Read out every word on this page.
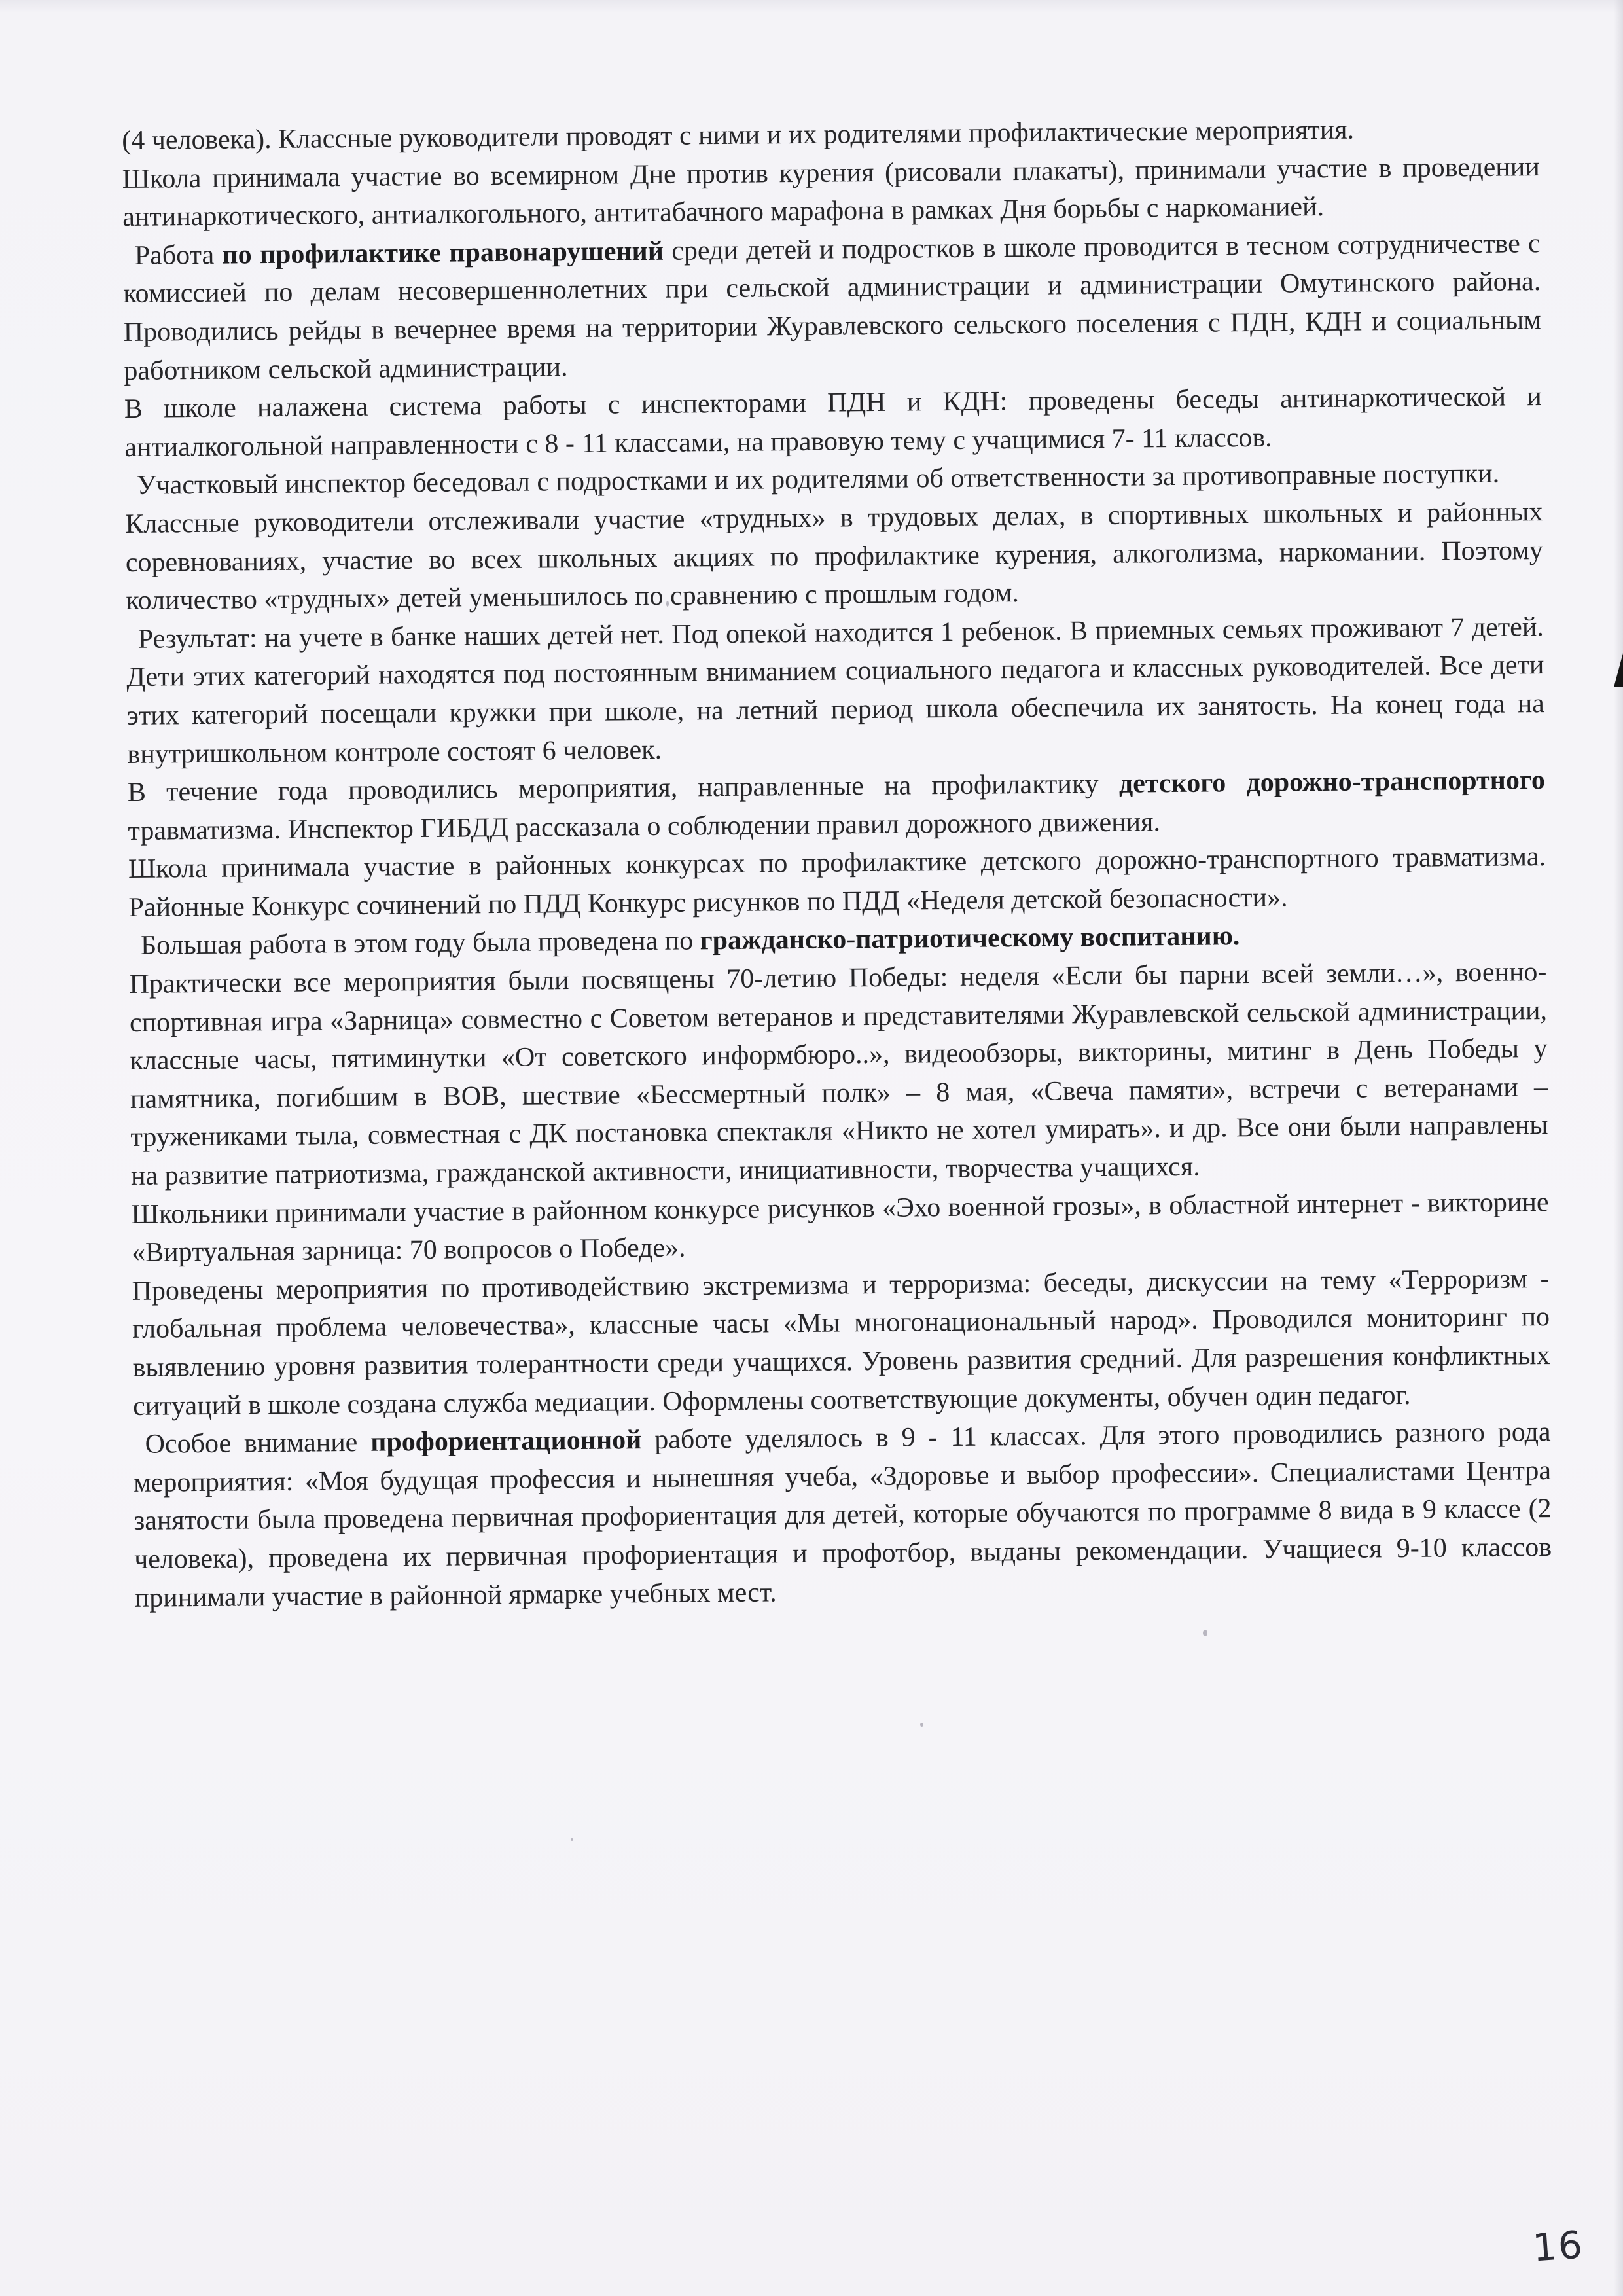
(4 человека). Классные руководители проводят с ними и их родителями профилактические мероприятия.

Школа принимала участие во всемирном Дне против курения (рисовали плакаты), принимали участие в проведении антинаркотического, антиалкогольного, антитабачного марафона в рамках Дня борьбы с наркоманией.

Работа по профилактике правонарушений среди детей и подростков в школе проводится в тесном сотрудничестве с комиссией по делам несовершеннолетних при сельской администрации и администрации Омутинского района. Проводились рейды в вечернее время на территории Журавлевского сельского поселения с ПДН, КДН и социальным работником сельской администрации.

В школе налажена система работы с инспекторами ПДН и КДН: проведены беседы антинаркотической и антиалкогольной направленности с 8 - 11 классами, на правовую тему с учащимися 7- 11 классов.

Участковый инспектор беседовал с подростками и их родителями об ответственности за противоправные поступки.

Классные руководители отслеживали участие «трудных» в трудовых делах, в спортивных школьных и районных соревнованиях, участие во всех школьных акциях по профилактике курения, алкоголизма, наркомании. Поэтому количество «трудных» детей уменьшилось по сравнению с прошлым годом.

Результат: на учете в банке наших детей нет. Под опекой находится 1 ребенок. В приемных семьях проживают 7 детей. Дети этих категорий находятся под постоянным вниманием социального педагога и классных руководителей. Все дети этих категорий посещали кружки при школе, на летний период школа обеспечила их занятость. На конец года на внутришкольном контроле состоят 6 человек.

В течение года проводились мероприятия, направленные на профилактику детского дорожно-транспортного травматизма. Инспектор ГИБДД рассказала о соблюдении правил дорожного движения.

Школа принимала участие в районных конкурсах по профилактике детского дорожно-транспортного травматизма. Районные Конкурс сочинений по ПДД Конкурс рисунков по ПДД «Неделя детской безопасности».

Большая работа в этом году была проведена по гражданско-патриотическому воспитанию.

Практически все мероприятия были посвящены 70-летию Победы: неделя «Если бы парни всей земли…», военно-спортивная игра «Зарница» совместно с Советом ветеранов и представителями Журавлевской сельской администрации, классные часы, пятиминутки «От советского информбюро..», видеообзоры, викторины, митинг в День Победы у памятника, погибшим в ВОВ, шествие «Бессмертный полк» – 8 мая, «Свеча памяти», встречи с ветеранами – тружениками тыла, совместная с ДК постановка спектакля «Никто не хотел умирать». и др. Все они были направлены на развитие патриотизма, гражданской активности, инициативности, творчества учащихся.

Школьники принимали участие в районном конкурсе рисунков «Эхо военной грозы», в областной интернет - викторине «Виртуальная зарница: 70 вопросов о Победе».

Проведены мероприятия по противодействию экстремизма и терроризма: беседы, дискуссии на тему «Терроризм - глобальная проблема человечества», классные часы «Мы многонациональный народ». Проводился мониторинг по выявлению уровня развития толерантности среди учащихся. Уровень развития средний. Для разрешения конфликтных ситуаций в школе создана служба медиации. Оформлены соответствующие документы, обучен один педагог.

Особое внимание профориентационной работе уделялось в 9 - 11 классах. Для этого проводились разного рода мероприятия: «Моя будущая профессия и нынешняя учеба, «Здоровье и выбор профессии». Специалистами Центра занятости была проведена первичная профориентация для детей, которые обучаются по программе 8 вида в 9 классе (2 человека), проведена их первичная профориентация и профотбор, выданы рекомендации. Учащиеся 9-10 классов принимали участие в районной ярмарке учебных мест.

16
